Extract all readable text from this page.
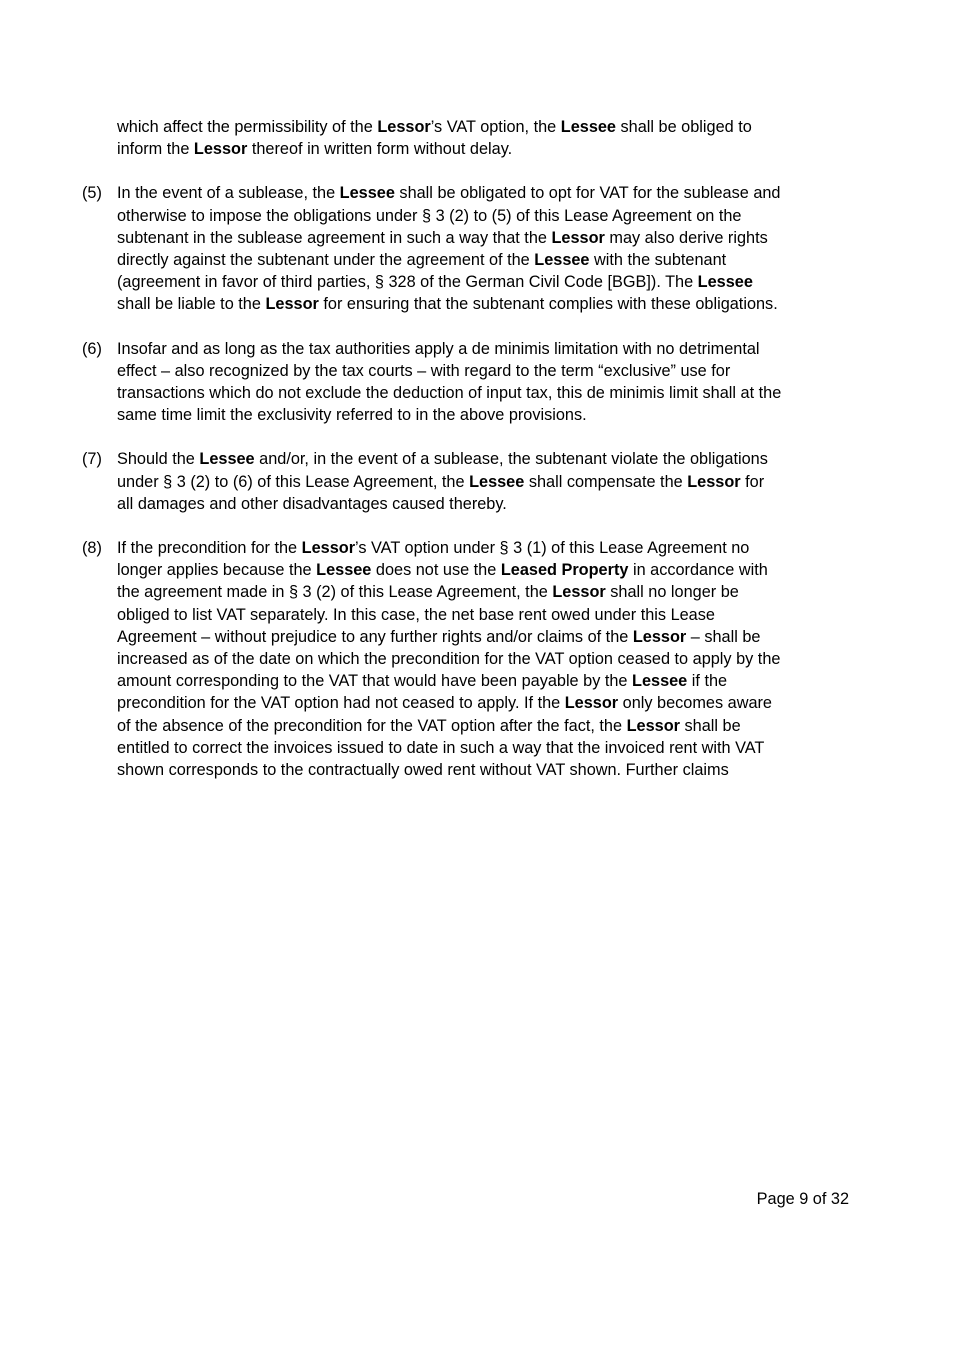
which affect the permissibility of the Lessor’s VAT option, the Lessee shall be obliged to
inform the Lessor thereof in written form without delay.
(5) In the event of a sublease, the Lessee shall be obligated to opt for VAT for the sublease and
otherwise to impose the obligations under § 3 (2) to (5) of this Lease Agreement on the
subtenant in the sublease agreement in such a way that the Lessor may also derive rights
directly against the subtenant under the agreement of the Lessee with the subtenant
(agreement in favor of third parties, § 328 of the German Civil Code [BGB]). The Lessee
shall be liable to the Lessor for ensuring that the subtenant complies with these obligations.
(6) Insofar and as long as the tax authorities apply a de minimis limitation with no detrimental
effect – also recognized by the tax courts – with regard to the term “exclusive” use for
transactions which do not exclude the deduction of input tax, this de minimis limit shall at the
same time limit the exclusivity referred to in the above provisions.
(7) Should the Lessee and/or, in the event of a sublease, the subtenant violate the obligations
under § 3 (2) to (6) of this Lease Agreement, the Lessee shall compensate the Lessor for
all damages and other disadvantages caused thereby.
(8) If the precondition for the Lessor’s VAT option under § 3 (1) of this Lease Agreement no
longer applies because the Lessee does not use the Leased Property in accordance with
the agreement made in § 3 (2) of this Lease Agreement, the Lessor shall no longer be
obliged to list VAT separately. In this case, the net base rent owed under this Lease
Agreement – without prejudice to any further rights and/or claims of the Lessor – shall be
increased as of the date on which the precondition for the VAT option ceased to apply by the
amount corresponding to the VAT that would have been payable by the Lessee if the
precondition for the VAT option had not ceased to apply. If the Lessor only becomes aware
of the absence of the precondition for the VAT option after the fact, the Lessor shall be
entitled to correct the invoices issued to date in such a way that the invoiced rent with VAT
shown corresponds to the contractually owed rent without VAT shown. Further claims
Page 9 of 32
